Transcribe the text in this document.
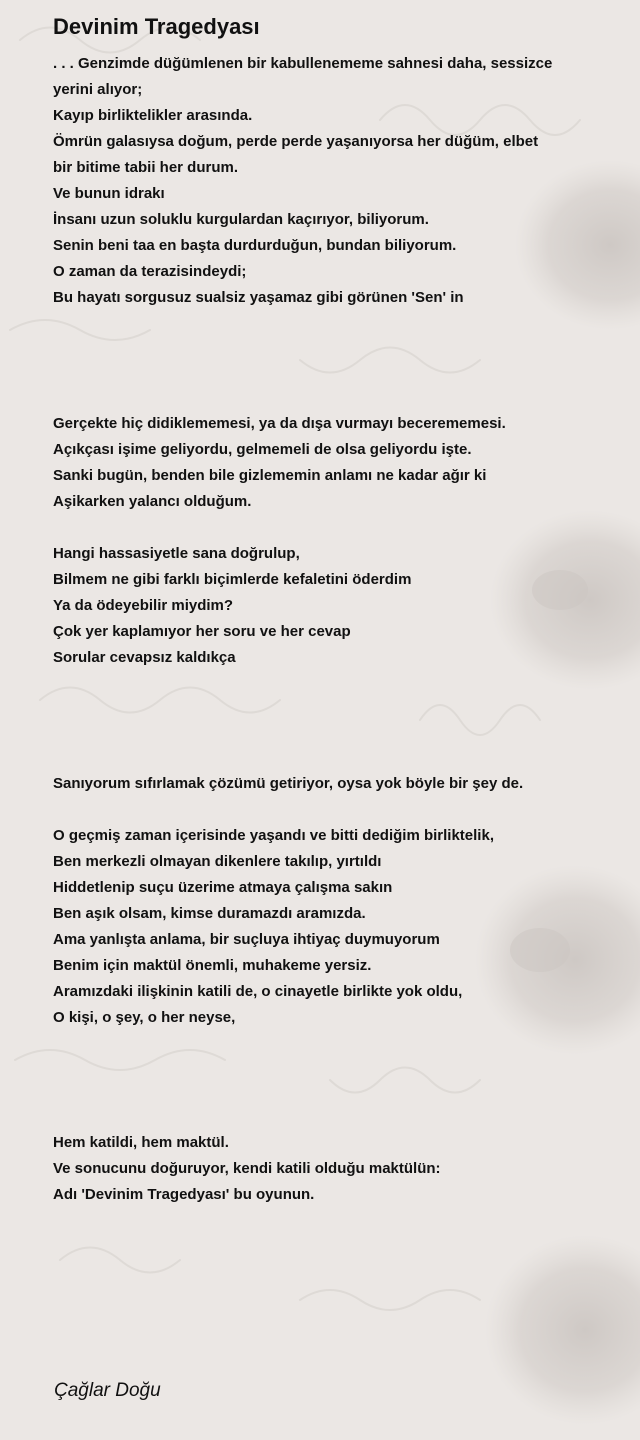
Devinim Tragedyası
. . . Genzimde düğümlenen bir kabullenememe sahnesi daha, sessizce
yerini alıyor;
Kayıp birliktelikler arasında.
Ömrün galasıysa doğum, perde perde yaşanıyorsa her düğüm, elbet
bir bitime tabii her durum.
Ve bunun idrakı
İnsanı uzun soluklu kurgulardan kaçırıyor, biliyorum.
Senin beni taa en başta durdurduğun, bundan biliyorum.
O zaman da terazisindeydi;
Bu hayatı sorgusuz sualsiz yaşamaz gibi görünen 'Sen' in
Gerçekte hiç didiklememesi, ya da dışa vurmayı becerememesi.
Açıkçası işime geliyordu, gelmemeli de olsa geliyordu işte.
Sanki bugün, benden bile gizlememin anlamı ne kadar ağır ki
Aşikarken yalancı olduğum.
Hangi hassasiyetle sana doğrulup,
Bilmem ne gibi farklı biçimlerde kefaletini öderdim
Ya da ödeyebilir miydim?
Çok yer kaplamıyor her soru ve her cevap
Sorular cevapsız kaldıkça
Sanıyorum sıfırlamak çözümü getiriyor, oysa yok böyle bir şey de.
O geçmiş zaman içerisinde yaşandı ve bitti dediğim birliktelik,
Ben merkezli olmayan dikenlere takılıp, yırtıldı
Hiddetlenip suçu üzerime atmaya çalışma sakın
Ben aşık olsam, kimse duramazdı aramızda.
Ama yanlışta anlama, bir suçluya ihtiyaç duymuyorum
Benim için maktül önemli, muhakeme yersiz.
Aramızdaki ilişkinin katili de, o cinayetle birlikte yok oldu,
O kişi, o şey, o her neyse,
Hem katildi, hem maktül.
Ve sonucunu doğuruyor, kendi katili olduğu maktülün:
Adı 'Devinim Tragedyası' bu oyunun.
Çağlar Doğu
